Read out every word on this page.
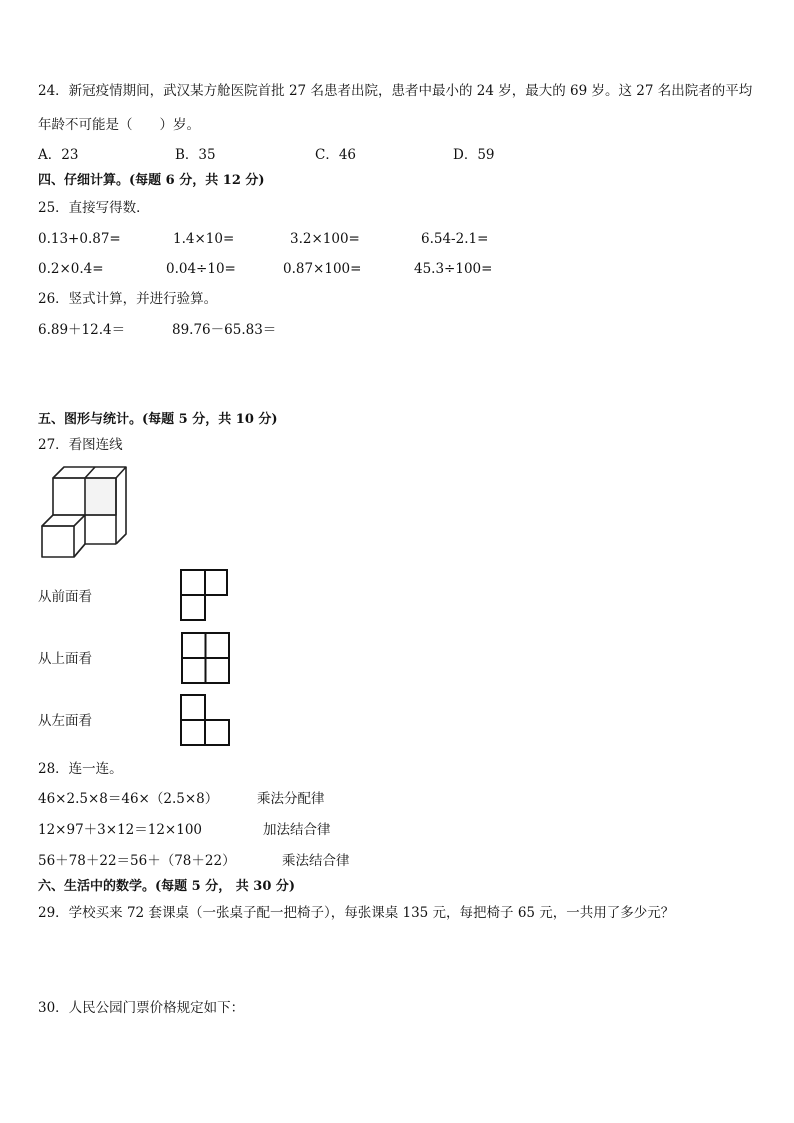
24．新冠疫情期间，武汉某方舱医院首批 27 名患者出院，患者中最小的 24 岁，最大的 69 岁。这 27 名出院者的平均
年龄不可能是（　　）岁。
A．23	B．35	C．46	D．59
四、仔细计算。(每题 6 分，共 12 分)
25．直接写得数．
0.13+0.87=	1.4×10=	3.2×100=	6.54-2.1=
0.2×0.4=	0.04÷10=	0.87×100=	45.3÷100=
26．竖式计算，并进行验算。
6.89＋12.4＝	89.76－65.83＝
五、图形与统计。(每题 5 分，共 10 分)
27．看图连线
从前面看
从上面看
从左面看
28．连一连。
46×2.5×8＝46×（2.5×8）
12×97＋3×12＝12×100
56＋78＋22＝56＋（78＋22）
乘法分配律
加法结合律
乘法结合律
六、生活中的数学。(每题 5 分， 共 30 分)
29．学校买来 72 套课桌（一张桌子配一把椅子），每张课桌 135 元，每把椅子 65 元，一共用了多少元？
30．人民公园门票价格规定如下：
